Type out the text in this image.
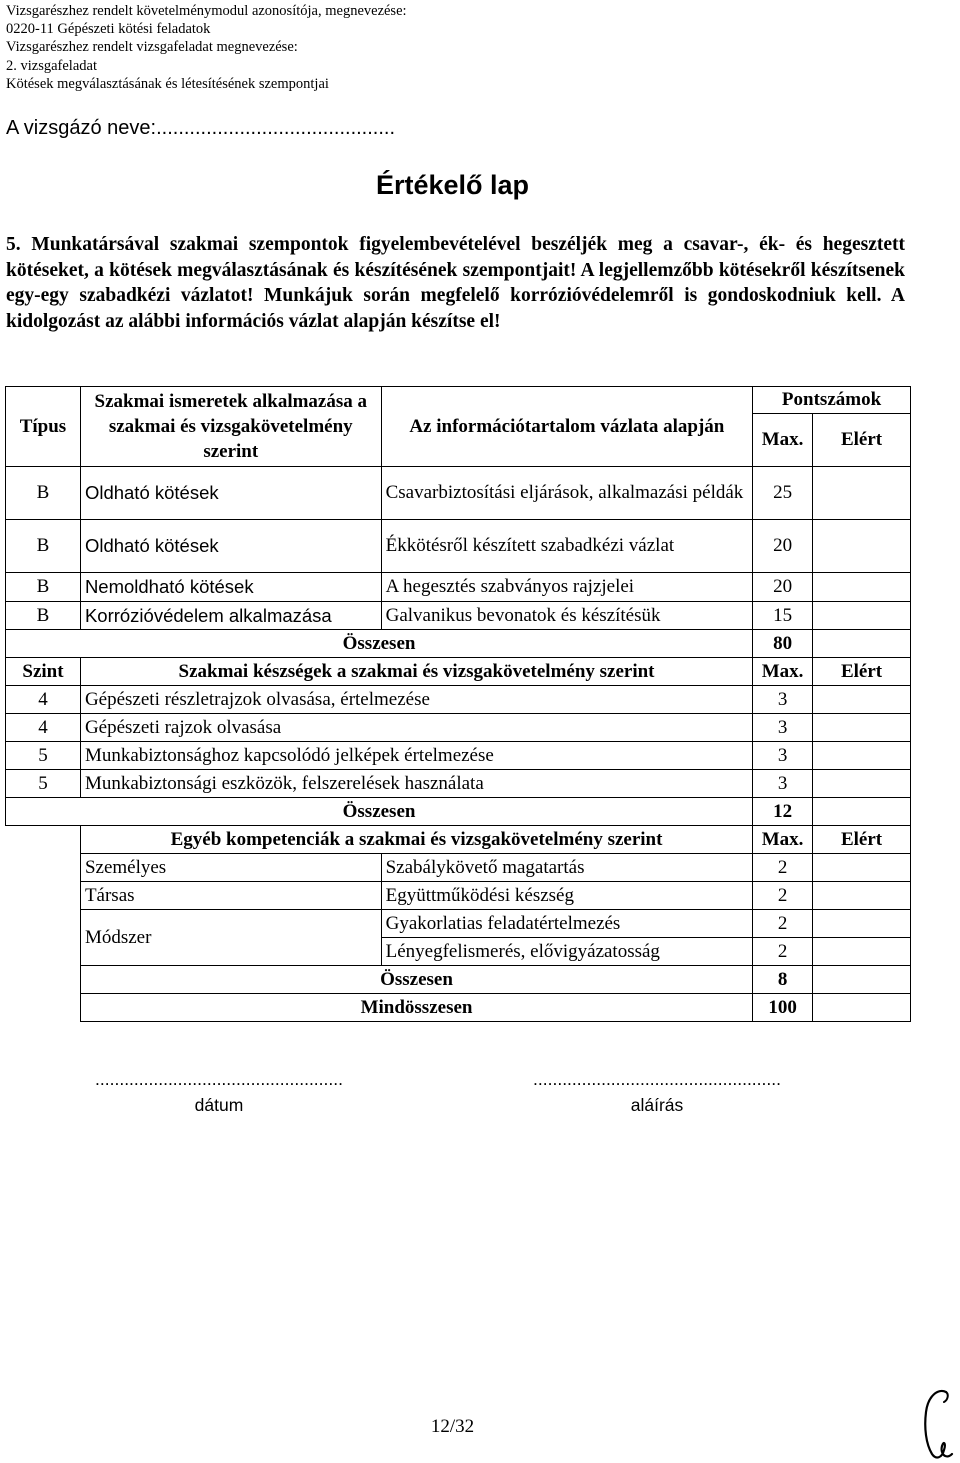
Vizsgarészhez rendelt követelménymodul azonosítója, megnevezése:
0220-11 Gépészeti kötési feladatok
Vizsgarészhez rendelt vizsgafeladat megnevezése:
2. vizsgafeladat
Kötések megválasztásának és létesítésének szempontjai
A vizsgázó neve:...........................................
Értékelő lap
5. Munkatársával szakmai szempontok figyelembevételével beszéljék meg a csavar-, ék- és hegesztett kötéseket, a kötések megválasztásának és készítésének szempontjait! A legjellemzőbb kötésekről készítsenek egy-egy szabadkézi vázlatot! Munkájuk során megfelelő korrózióvédelemről is gondoskodniuk kell. A kidolgozást az alábbi információs vázlat alapján készítse el!
Típus	Szakmai ismeretek alkalmazása a szakmai és vizsgakövetelmény szerint	Az információtartalom vázlata alapján	Pontszámok	
			Max.	Elért
B	Oldható kötések	Csavarbiztosítási eljárások, alkalmazási példák	25	
B	Oldható kötések	Ékkötésről készített szabadkézi vázlat	20	
B	Nemoldható kötések	A hegesztés szabványos rajzjelei	20	
B	Korrózióvédelem alkalmazása	Galvanikus bevonatok és készítésük	15	
Összesen			80	
Szint	Szakmai készségek a szakmai és vizsgakövetelmény szerint		Max.	Elért
4	Gépészeti részletrajzok olvasása, értelmezése		3	
4	Gépészeti rajzok olvasása		3	
5	Munkabiztonsághoz kapcsolódó jelképek értelmezése		3	
5	Munkabiztonsági eszközök, felszerelések használata		3	
Összesen			12	
	Egyéb kompetenciák a szakmai és vizsgakövetelmény szerint		Max.	Elért
	Személyes	Szabálykövető magatartás	2	
	Társas	Együttműködési készség	2	
	Módszer	Gyakorlatias feladatértelmezés	2	
		Lényegfelismerés, elővigyázatosság	2	
	Összesen		8	
	Mindösszesen		100	
...................................................
dátum
...................................................
aláírás
12/32
